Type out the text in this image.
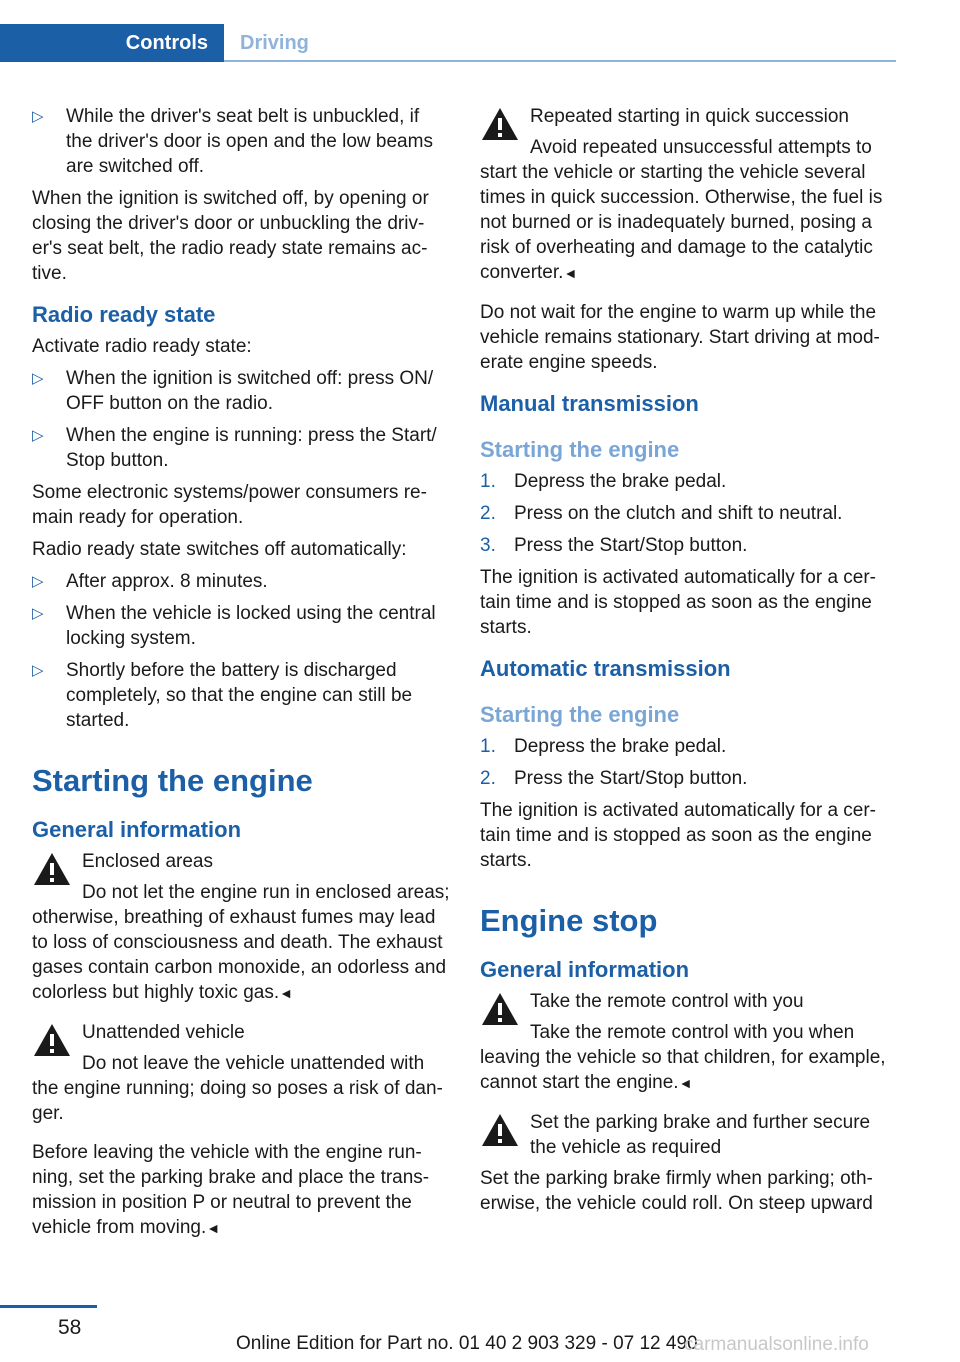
Controls	Driving
▷ While the driver's seat belt is unbuckled, if the driver's door is open and the low beams are switched off.

When the ignition is switched off, by opening or closing the driver's door or unbuckling the driv-er's seat belt, the radio ready state remains ac-tive.

Radio ready state

Activate radio ready state:

▷ When the ignition is switched off: press ON/ OFF button on the radio.
▷ When the engine is running: press the Start/ Stop button.

Some electronic systems/power consumers re-main ready for operation.

Radio ready state switches off automatically:

▷ After approx. 8 minutes.
▷ When the vehicle is locked using the central locking system.
▷ Shortly before the battery is discharged completely, so that the engine can still be started.
Starting the engine
General information
Enclosed areas
Do not let the engine run in enclosed areas; otherwise, breathing of exhaust fumes may lead to loss of consciousness and death. The exhaust gases contain carbon monoxide, an odorless and colorless but highly toxic gas.◄
Unattended vehicle
Do not leave the vehicle unattended with the engine running; doing so poses a risk of dan-ger.

Before leaving the vehicle with the engine run-ning, set the parking brake and place the trans-mission in position P or neutral to prevent the vehicle from moving.◄

Repeated starting in quick succession
Avoid repeated unsuccessful attempts to start the vehicle or starting the vehicle several times in quick succession. Otherwise, the fuel is not burned or is inadequately burned, posing a risk of overheating and damage to the catalytic converter.◄

Do not wait for the engine to warm up while the vehicle remains stationary. Start driving at mod-erate engine speeds.

Manual transmission
Starting the engine
1. Depress the brake pedal.
2. Press on the clutch and shift to neutral.
3. Press the Start/Stop button.

The ignition is activated automatically for a cer-tain time and is stopped as soon as the engine starts.

Automatic transmission
Starting the engine
1. Depress the brake pedal.
2. Press the Start/Stop button.

The ignition is activated automatically for a cer-tain time and is stopped as soon as the engine starts.

Engine stop
General information
Take the remote control with you
Take the remote control with you when leaving the vehicle so that children, for example, cannot start the engine.◄
Set the parking brake and further secure the vehicle as required

Set the parking brake firmly when parking; oth-erwise, the vehicle could roll. On steep upward

58
Online Edition for Part no. 01 40 2 903 329 - 07 12 490
carmanualsonline.info
